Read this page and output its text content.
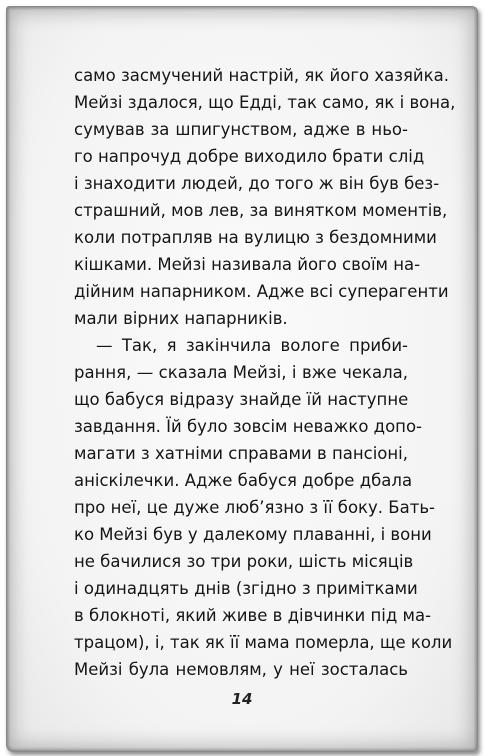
само засмучений настрій, як його хазяйка.
Мейзі здалося, що Едді, так само, як і вона,
сумував за шпигунством, адже в ньо-
го напрочуд добре виходило брати слід
і знаходити людей, до того ж він був без-
страшний, мов лев, за винятком моментів,
коли потрапляв на вулицю з бездомними
кішками. Мейзі називала його своїм на-
дійним напарником. Адже всі суперагенти
мали вірних напарників.
— Так, я закінчила вологе приби-
рання, — сказала Мейзі, і вже чекала,
що бабуся відразу знайде їй наступне
завдання. Їй було зовсім неважко допо-
магати з хатніми справами в пансіоні,
аніскілечки. Адже бабуся добре дбала
про неї, це дуже люб’язно з її боку. Бать-
ко Мейзі був у далекому плаванні, і вони
не бачилися зо три роки, шість місяців
і одинадцять днів (згідно з примітками
в блокноті, який живе в дівчинки під ма-
трацом), і, так як її мама померла, ще коли
Мейзі була немовлям, у неї зосталась
14
